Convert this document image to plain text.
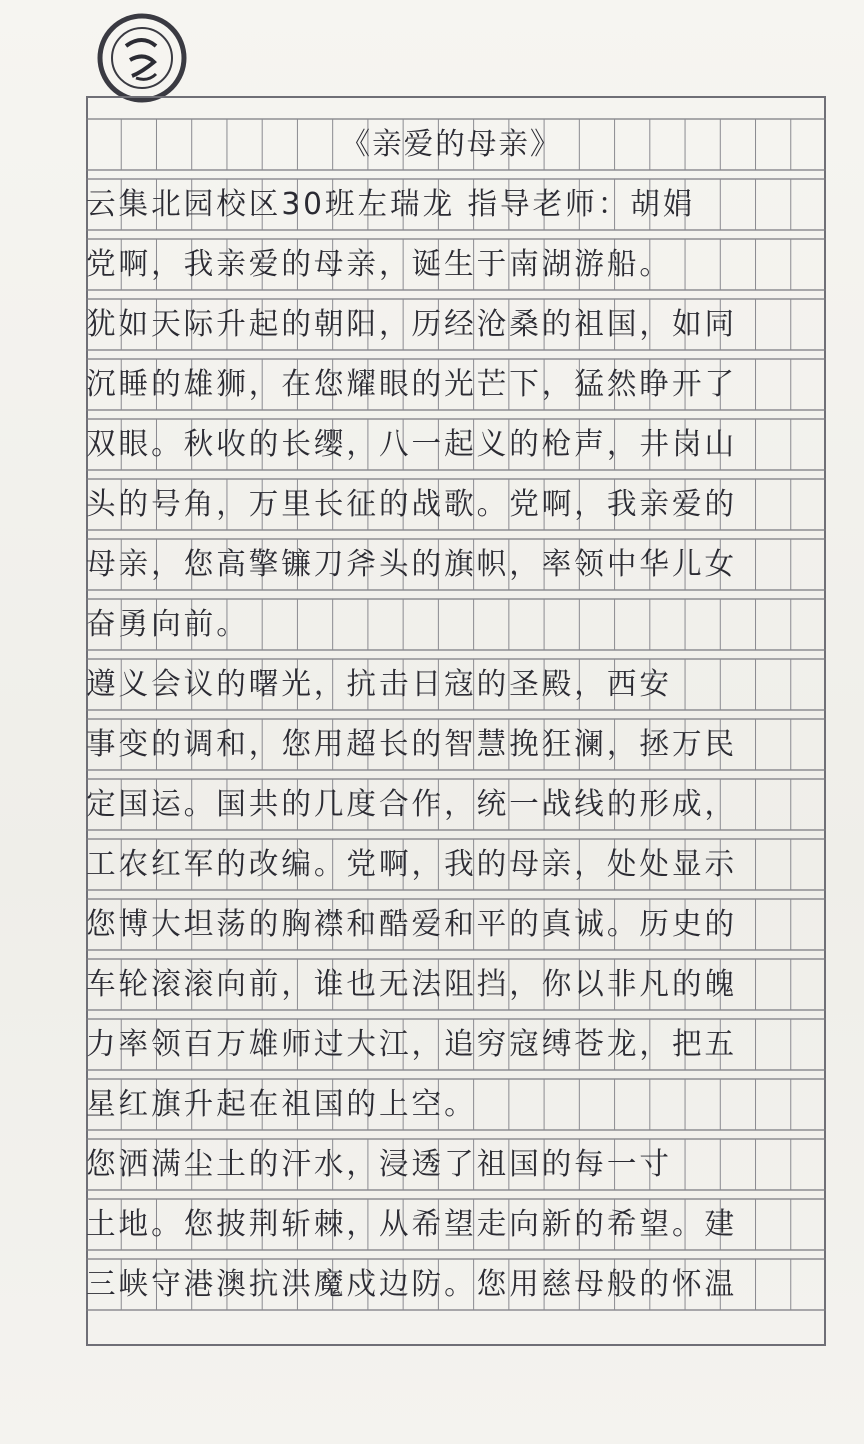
《亲爱的母亲》
云集北园校区30班左瑞龙 指导老师：胡娟
党啊，我亲爱的母亲，诞生于南湖游船。
犹如天际升起的朝阳，历经沧桑的祖国，如同
沉睡的雄狮，在您耀眼的光芒下，猛然睁开了
双眼。秋收的长缨，八一起义的枪声，井岗山
头的号角，万里长征的战歌。党啊，我亲爱的
母亲，您高擎镰刀斧头的旗帜，率领中华儿女
奋勇向前。
遵义会议的曙光，抗击日寇的圣殿，西安
事变的调和，您用超长的智慧挽狂澜，拯万民
定国运。国共的几度合作，统一战线的形成，
工农红军的改编。党啊，我的母亲，处处显示
您博大坦荡的胸襟和酷爱和平的真诚。历史的
车轮滚滚向前，谁也无法阻挡，你以非凡的魄
力率领百万雄师过大江，追穷寇缚苍龙，把五
星红旗升起在祖国的上空。
您洒满尘土的汗水，浸透了祖国的每一寸
土地。您披荆斩棘，从希望走向新的希望。建
三峡守港澳抗洪魔戍边防。您用慈母般的怀温
